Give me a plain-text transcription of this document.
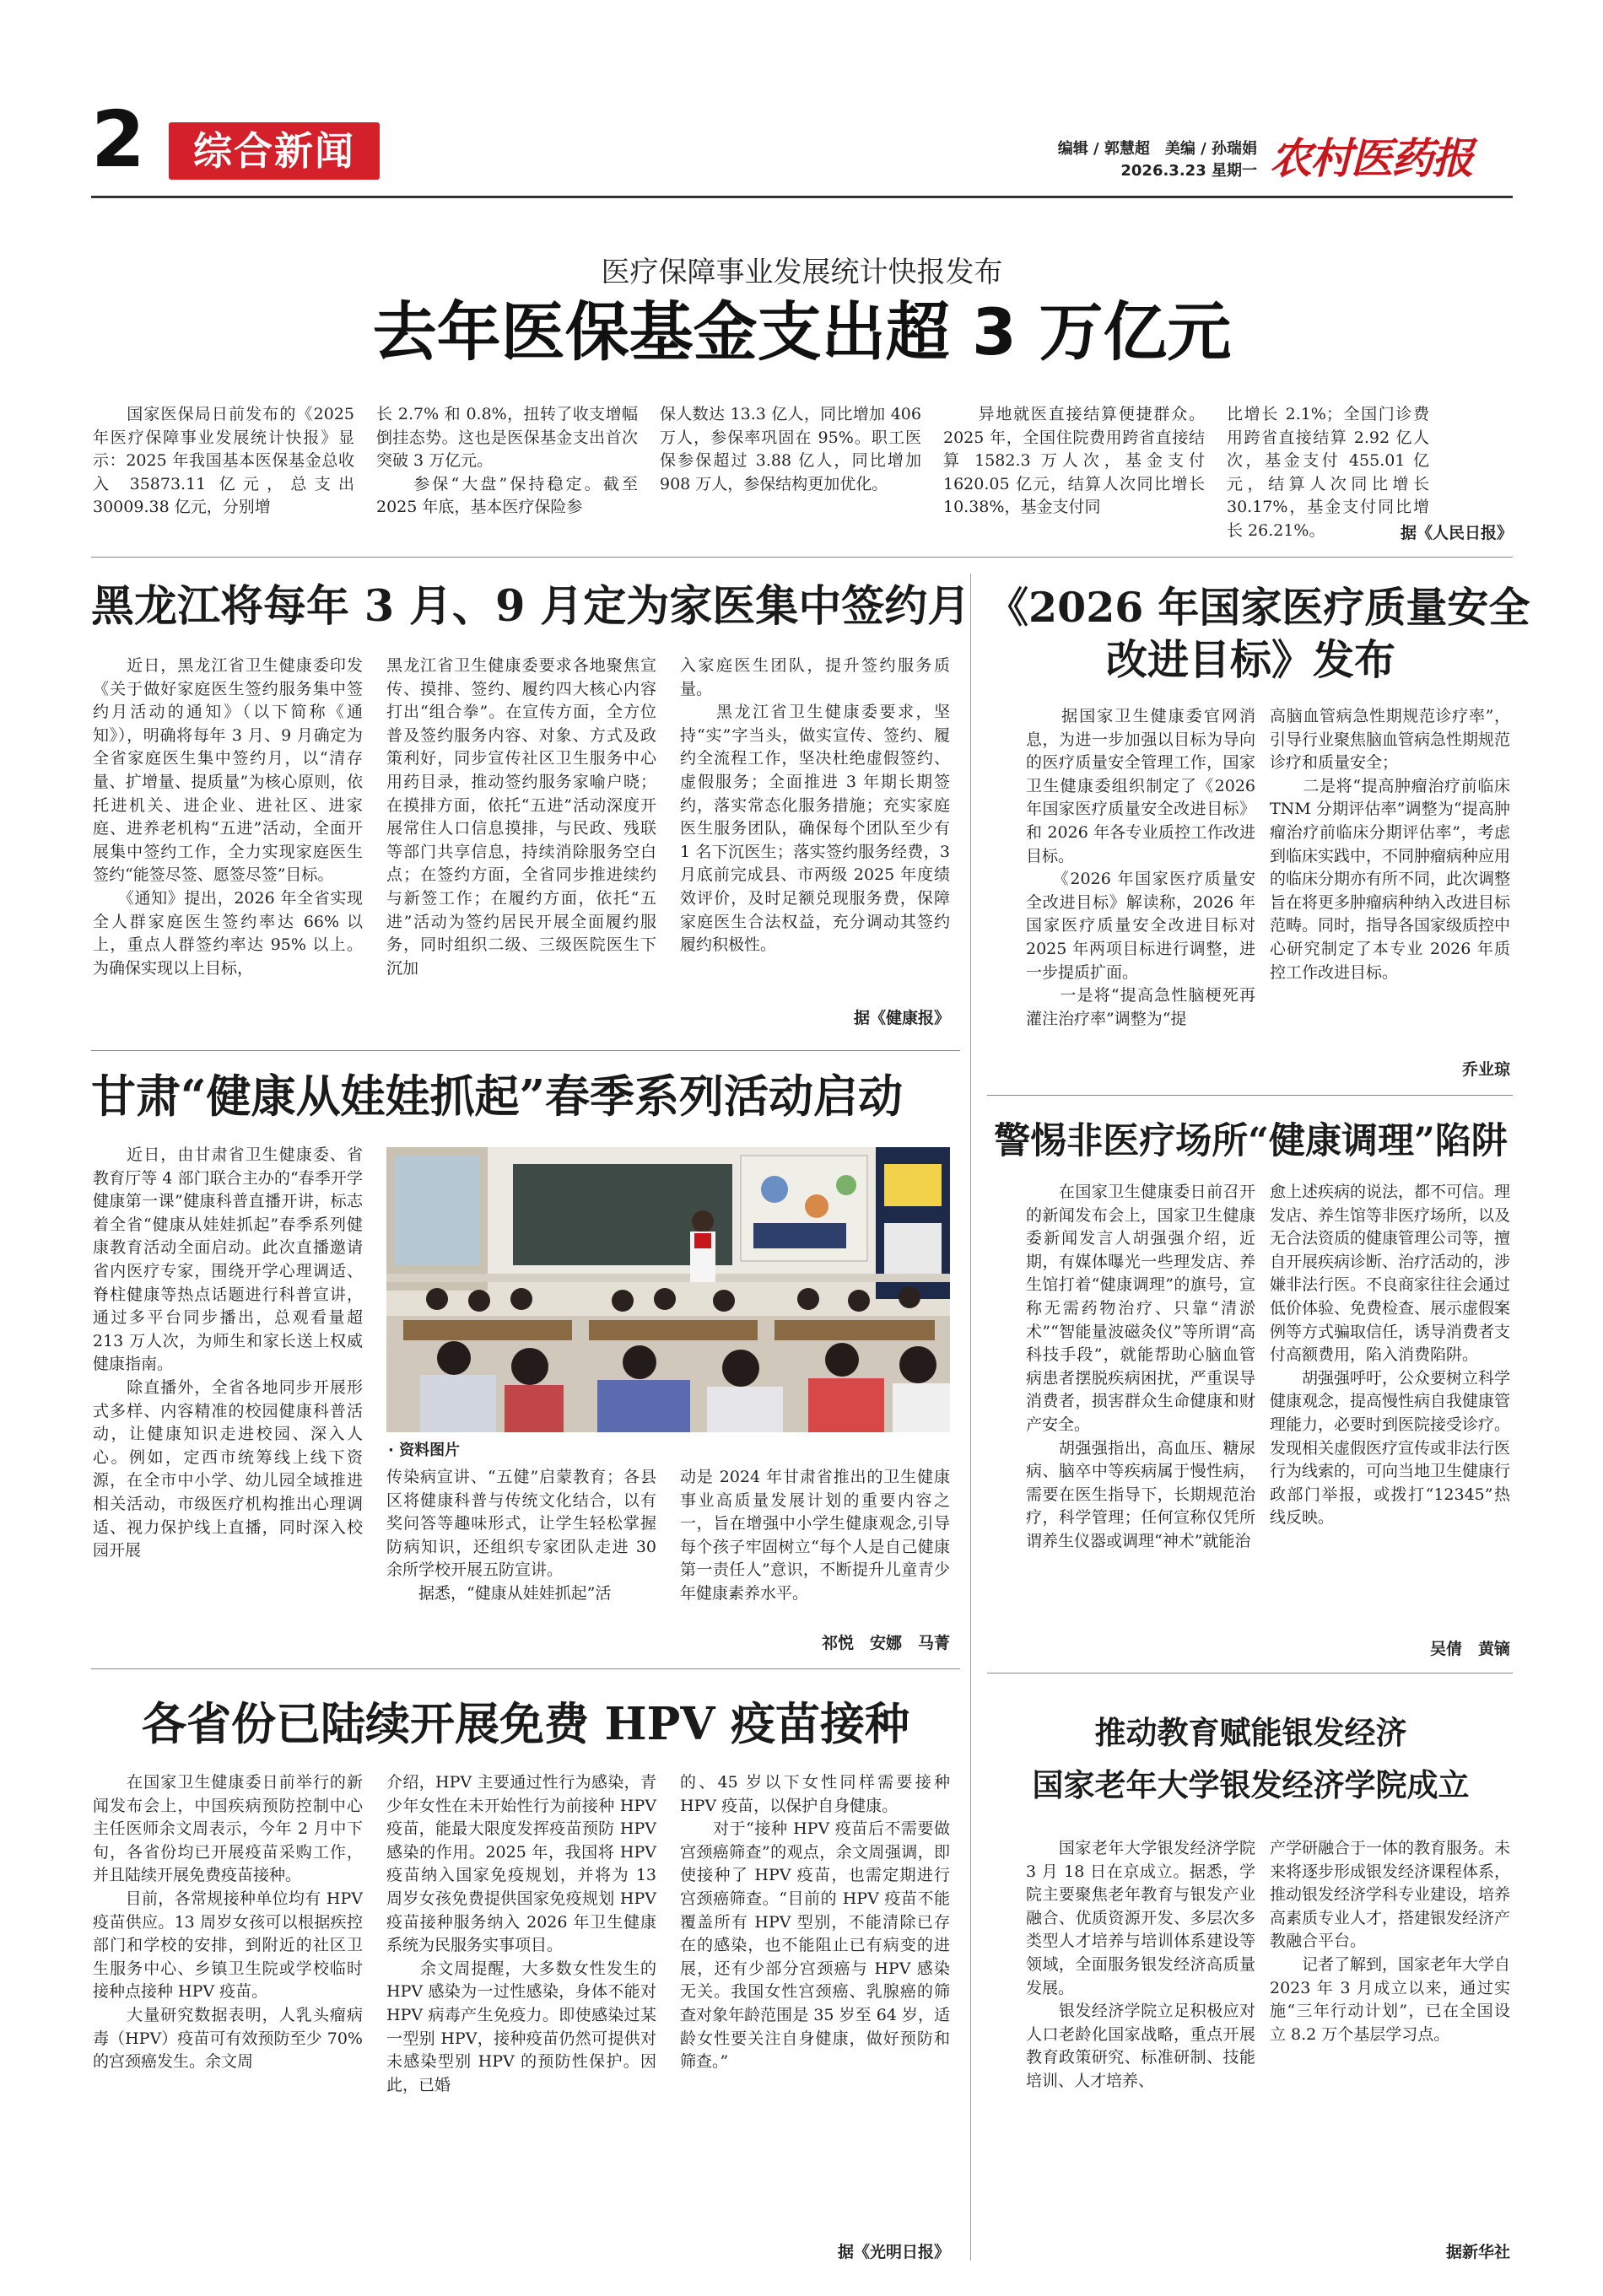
2	综合新闻	编辑 / 郭慧超　美编 / 孙瑞娟
2026.3.23 星期一 农村医药报
医疗保障事业发展统计快报发布
去年医保基金支出超 3 万亿元
　　国家医保局日前发布的《2025 年医疗保障事业发展统计快报》显示：2025 年我国基本医保基金总收入 35873.11 亿元，总支出 30009.38 亿元，分别增
长 2.7% 和 0.8%，扭转了收支增幅倒挂态势。这也是医保基金支出首次突破 3 万亿元。
　　参保“大盘”保持稳定。截至 2025 年底，基本医疗保险参
保人数达 13.3 亿人，同比增加 406 万人，参保率巩固在 95%。职工医保参保超过 3.88 亿人，同比增加 908 万人，参保结构更加优化。
　　异地就医直接结算便捷群众。2025 年，全国住院费用跨省直接结算 1582.3 万人次，基金支付 1620.05 亿元，结算人次同比增长 10.38%，基金支付同
比增长 2.1%；全国门诊费用跨省直接结算 2.92 亿人次，基金支付 455.01 亿元，结算人次同比增长 30.17%，基金支付同比增长 26.21%。	据《人民日报》
黑龙江将每年 3 月、9 月定为家医集中签约月
　　近日，黑龙江省卫生健康委印发《关于做好家庭医生签约服务集中签约月活动的通知》（以下简称《通知》），明确将每年 3 月、9 月确定为全省家庭医生集中签约月，以“清存量、扩增量、提质量”为核心原则，依托进机关、进企业、进社区、进家庭、进养老机构“五进”活动，全面开展集中签约工作，全力实现家庭医生签约“能签尽签、愿签尽签”目标。
　　《通知》提出，2026 年全省实现全人群家庭医生签约率达 66% 以上，重点人群签约率达 95% 以上。为确保实现以上目标，
黑龙江省卫生健康委要求各地聚焦宣传、摸排、签约、履约四大核心内容打出“组合拳”。在宣传方面，全方位普及签约服务内容、对象、方式及政策利好，同步宣传社区卫生服务中心用药目录，推动签约服务家喻户晓；在摸排方面，依托“五进”活动深度开展常住人口信息摸排，与民政、残联等部门共享信息，持续消除服务空白点；在签约方面，全省同步推进续约与新签工作；在履约方面，依托“五进”活动为签约居民开展全面履约服务，同时组织二级、三级医院医生下沉加
入家庭医生团队，提升签约服务质量。
　　黑龙江省卫生健康委要求，坚持“实”字当头，做实宣传、签约、履约全流程工作，坚决杜绝虚假签约、虚假服务；全面推进 3 年期长期签约，落实常态化服务措施；充实家庭医生服务团队，确保每个团队至少有 1 名下沉医生；落实签约服务经费，3 月底前完成县、市两级 2025 年度绩效评价，及时足额兑现服务费，保障家庭医生合法权益，充分调动其签约履约积极性。
据《健康报》
甘肃“健康从娃娃抓起”春季系列活动启动
　　近日，由甘肃省卫生健康委、省教育厅等 4 部门联合主办的“春季开学健康第一课”健康科普直播开讲，标志着全省“健康从娃娃抓起”春季系列健康教育活动全面启动。此次直播邀请省内医疗专家，围绕开学心理调适、脊柱健康等热点话题进行科普宣讲，通过多平台同步播出，总观看量超 213 万人次，为师生和家长送上权威健康指南。
　　除直播外，全省各地同步开展形式多样、内容精准的校园健康科普活动，让健康知识走进校园、深入人心。例如，定西市统筹线上线下资源，在全市中小学、幼儿园全域推进相关活动，市级医疗机构推出心理调适、视力保护线上直播，同时深入校园开展
· 资料图片
传染病宣讲、“五健”启蒙教育；各县区将健康科普与传统文化结合，以有奖问答等趣味形式，让学生轻松掌握防病知识，还组织专家团队走进 30 余所学校开展五防宣讲。
　　据悉，“健康从娃娃抓起”活
动是 2024 年甘肃省推出的卫生健康事业高质量发展计划的重要内容之一，旨在增强中小学生健康观念,引导每个孩子牢固树立“每个人是自己健康第一责任人”意识，不断提升儿童青少年健康素养水平。
祁悦　安娜　马菁
各省份已陆续开展免费 HPV 疫苗接种
　　在国家卫生健康委日前举行的新闻发布会上，中国疾病预防控制中心主任医师余文周表示，今年 2 月中下旬，各省份均已开展疫苗采购工作，并且陆续开展免费疫苗接种。
　　目前，各常规接种单位均有 HPV 疫苗供应。13 周岁女孩可以根据疾控部门和学校的安排，到附近的社区卫生服务中心、乡镇卫生院或学校临时接种点接种 HPV 疫苗。
　　大量研究数据表明，人乳头瘤病毒（HPV）疫苗可有效预防至少 70% 的宫颈癌发生。余文周
介绍，HPV 主要通过性行为感染，青少年女性在未开始性行为前接种 HPV 疫苗，能最大限度发挥疫苗预防 HPV 感染的作用。2025 年，我国将 HPV 疫苗纳入国家免疫规划，并将为 13 周岁女孩免费提供国家免疫规划 HPV 疫苗接种服务纳入 2026 年卫生健康系统为民服务实事项目。
　　余文周提醒，大多数女性发生的 HPV 感染为一过性感染，身体不能对 HPV 病毒产生免疫力。即使感染过某一型别 HPV，接种疫苗仍然可提供对未感染型别 HPV 的预防性保护。因此，已婚
的、45 岁以下女性同样需要接种 HPV 疫苗，以保护自身健康。
　　对于“接种 HPV 疫苗后不需要做宫颈癌筛查”的观点，余文周强调，即使接种了 HPV 疫苗，也需定期进行宫颈癌筛查。“目前的 HPV 疫苗不能覆盖所有 HPV 型别，不能清除已存在的感染，也不能阻止已有病变的进展，还有少部分宫颈癌与 HPV 感染无关。我国女性宫颈癌、乳腺癌的筛查对象年龄范围是 35 岁至 64 岁，适龄女性要关注自身健康，做好预防和筛查。”
据《光明日报》
《2026 年国家医疗质量安全
改进目标》发布
　　据国家卫生健康委官网消息，为进一步加强以目标为导向的医疗质量安全管理工作，国家卫生健康委组织制定了《2026 年国家医疗质量安全改进目标》和 2026 年各专业质控工作改进目标。
　　《2026 年国家医疗质量安全改进目标》解读称，2026 年国家医疗质量安全改进目标对 2025 年两项目标进行调整，进一步提质扩面。
　　一是将“提高急性脑梗死再灌注治疗率”调整为“提
高脑血管病急性期规范诊疗率”，引导行业聚焦脑血管病急性期规范诊疗和质量安全；
　　二是将“提高肿瘤治疗前临床 TNM 分期评估率”调整为“提高肿瘤治疗前临床分期评估率”，考虑到临床实践中，不同肿瘤病种应用的临床分期亦有所不同，此次调整旨在将更多肿瘤病种纳入改进目标范畴。同时，指导各国家级质控中心研究制定了本专业 2026 年质控工作改进目标。
乔业琼
警惕非医疗场所“健康调理”陷阱
　　在国家卫生健康委日前召开的新闻发布会上，国家卫生健康委新闻发言人胡强强介绍，近期，有媒体曝光一些理发店、养生馆打着“健康调理”的旗号，宣称无需药物治疗、只靠“清淤术”“智能量波磁灸仪”等所谓“高科技手段”，就能帮助心脑血管病患者摆脱疾病困扰，严重误导消费者，损害群众生命健康和财产安全。
　　胡强强指出，高血压、糖尿病、脑卒中等疾病属于慢性病，需要在医生指导下，长期规范治疗，科学管理；任何宣称仅凭所谓养生仪器或调理“神术”就能治
愈上述疾病的说法，都不可信。理发店、养生馆等非医疗场所，以及无合法资质的健康管理公司等，擅自开展疾病诊断、治疗活动的，涉嫌非法行医。不良商家往往会通过低价体验、免费检查、展示虚假案例等方式骗取信任，诱导消费者支付高额费用，陷入消费陷阱。
　　胡强强呼吁，公众要树立科学健康观念，提高慢性病自我健康管理能力，必要时到医院接受诊疗。发现相关虚假医疗宣传或非法行医行为线索的，可向当地卫生健康行政部门举报，或拨打“12345”热线反映。
吴倩　黄镝
推动教育赋能银发经济
国家老年大学银发经济学院成立
　　国家老年大学银发经济学院 3 月 18 日在京成立。据悉，学院主要聚焦老年教育与银发产业融合、优质资源开发、多层次多类型人才培养与培训体系建设等领域，全面服务银发经济高质量发展。
　　银发经济学院立足积极应对人口老龄化国家战略，重点开展教育政策研究、标准研制、技能培训、人才培养、
产学研融合于一体的教育服务。未来将逐步形成银发经济课程体系，推动银发经济学科专业建设，培养高素质专业人才，搭建银发经济产教融合平台。
　　记者了解到，国家老年大学自 2023 年 3 月成立以来，通过实施“三年行动计划”，已在全国设立 8.2 万个基层学习点。
据新华社
